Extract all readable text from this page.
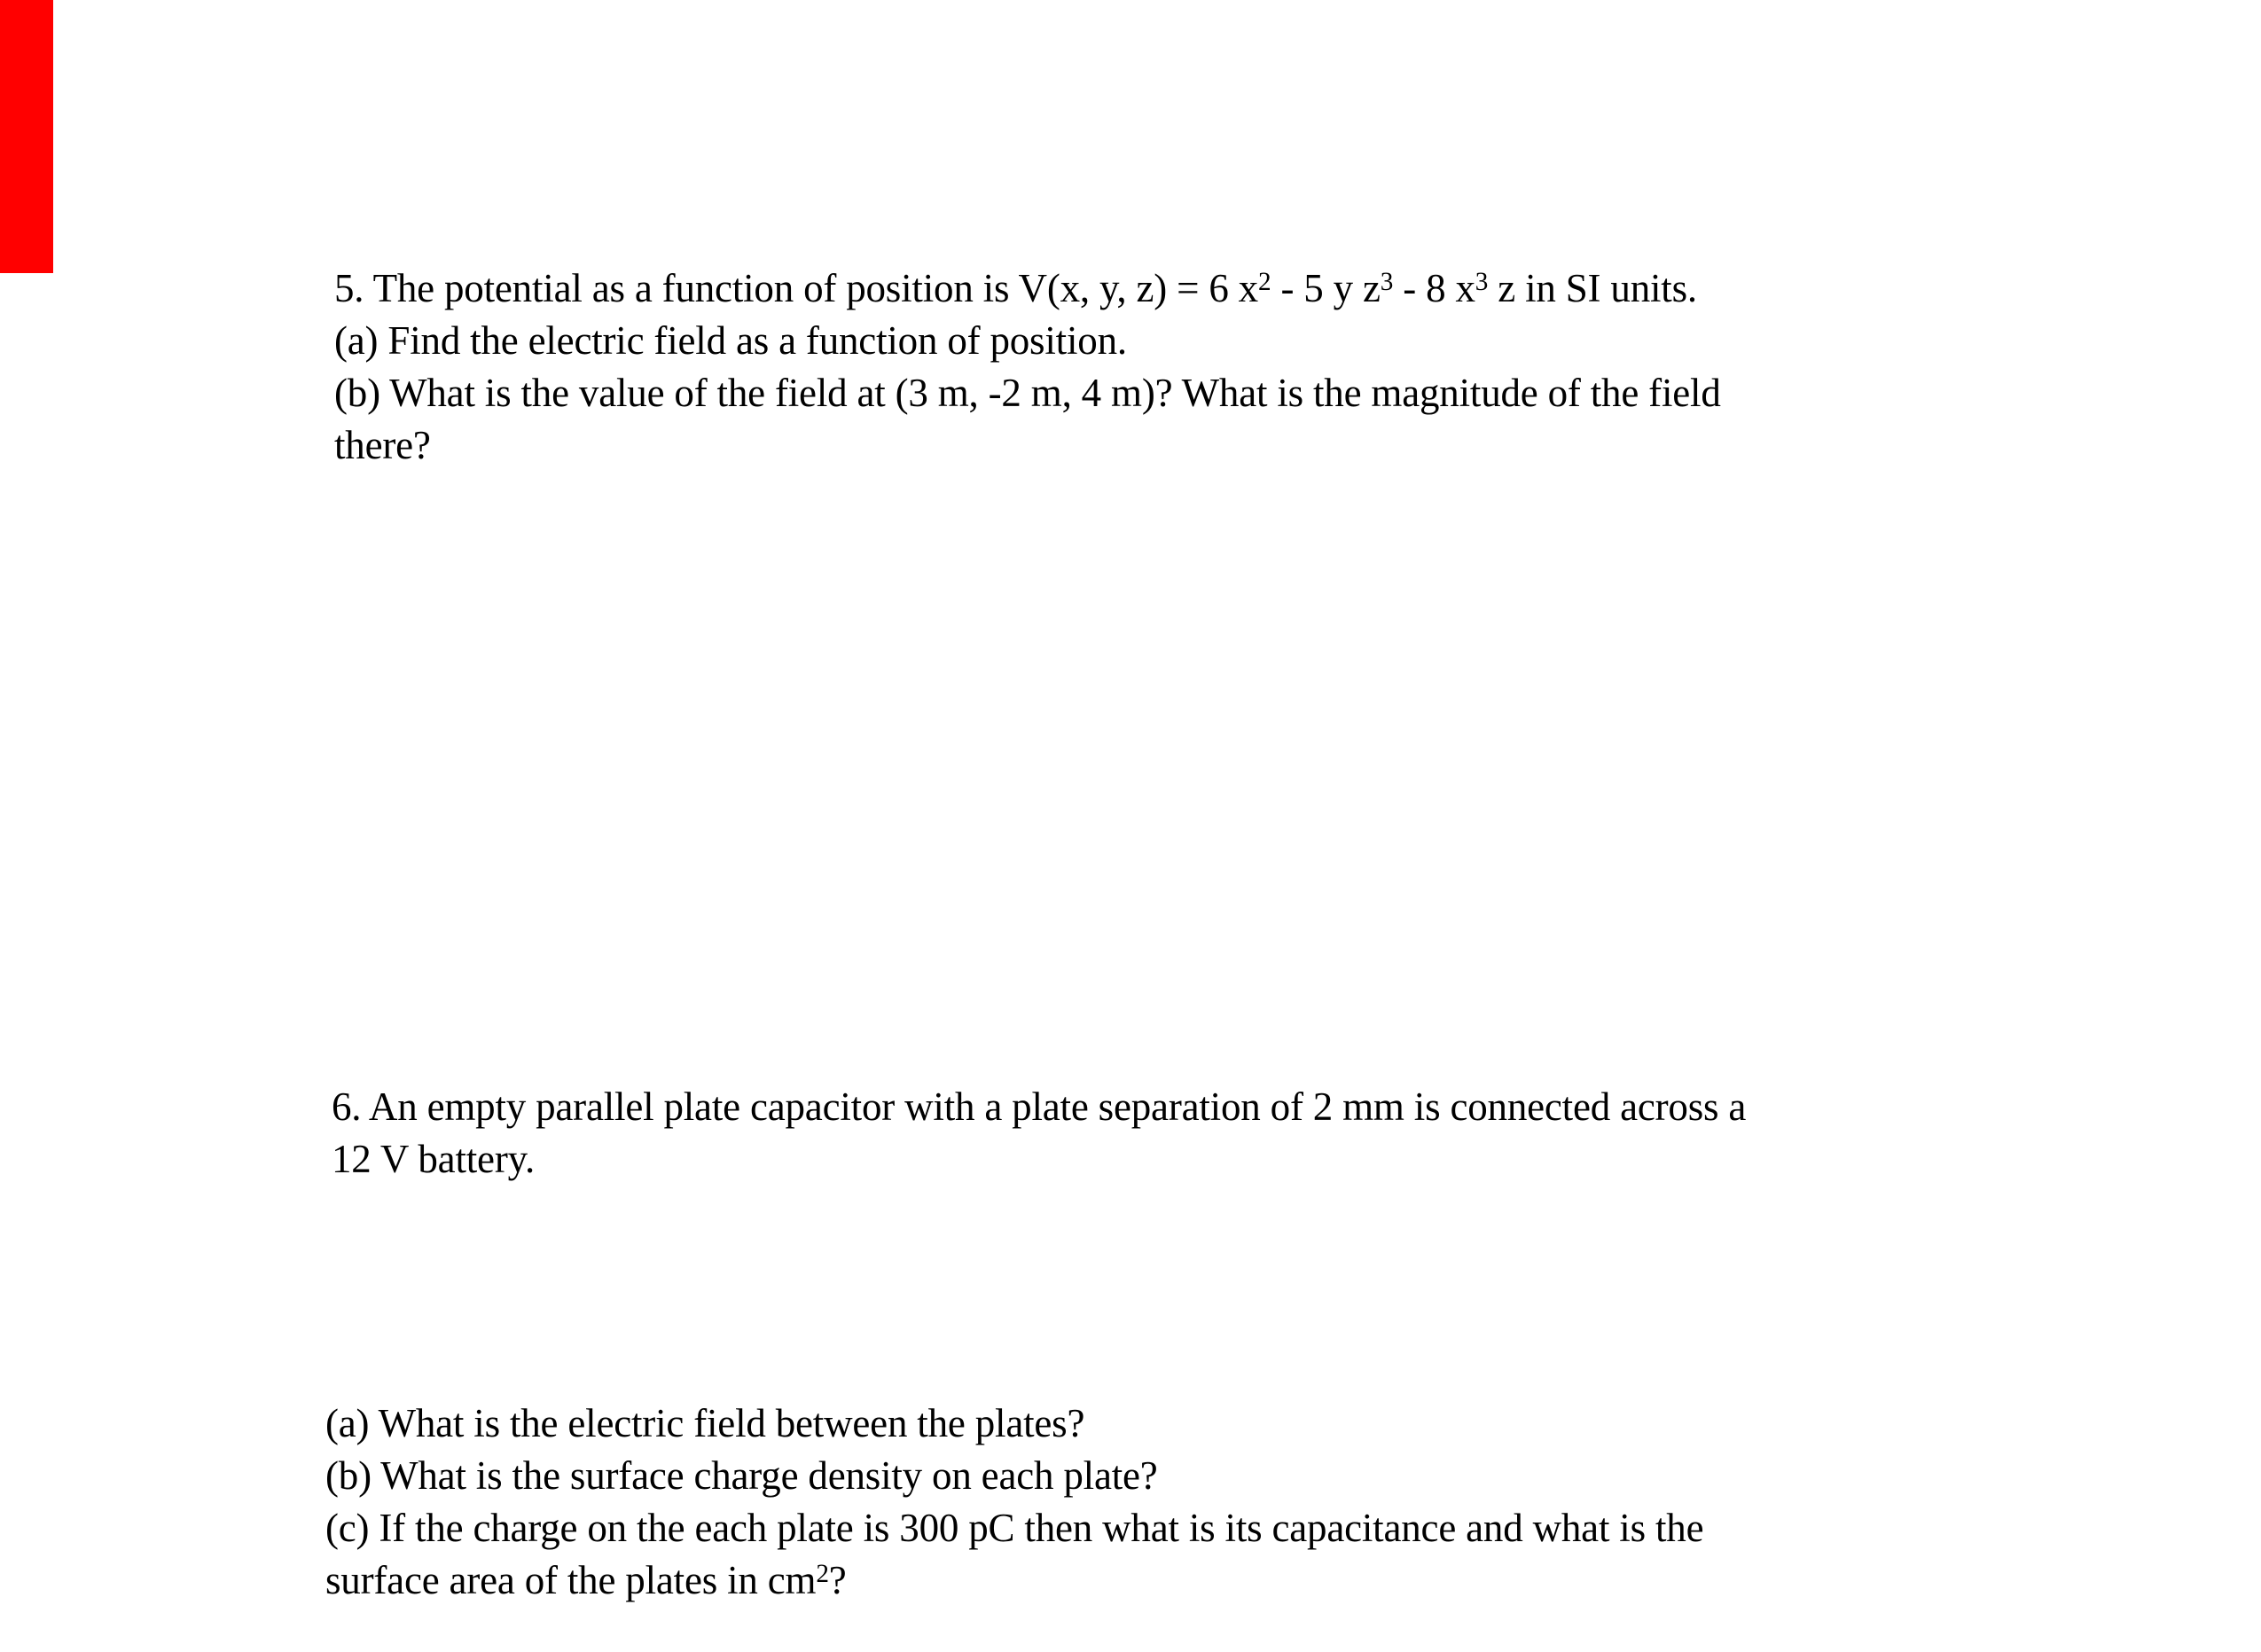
5. The potential as a function of position is V(x, y, z) = 6 $x^2 - 5$ y $z^3 - 8$ $x^3$ z in SI units.
(a) Find the electric field as a function of position.
(b) What is the value of the field at (3 m, -2 m, 4 m)? What is the magnitude of the field
there?
6. An empty parallel plate capacitor with a plate separation of 2 mm is connected across a
12 V battery.
(a) What is the electric field between the plates?
(b) What is the surface charge density on each plate?
(c) If the charge on the each plate is 300 pC then what is its capacitance and what is the
surface area of the plates in $cm^2$?
